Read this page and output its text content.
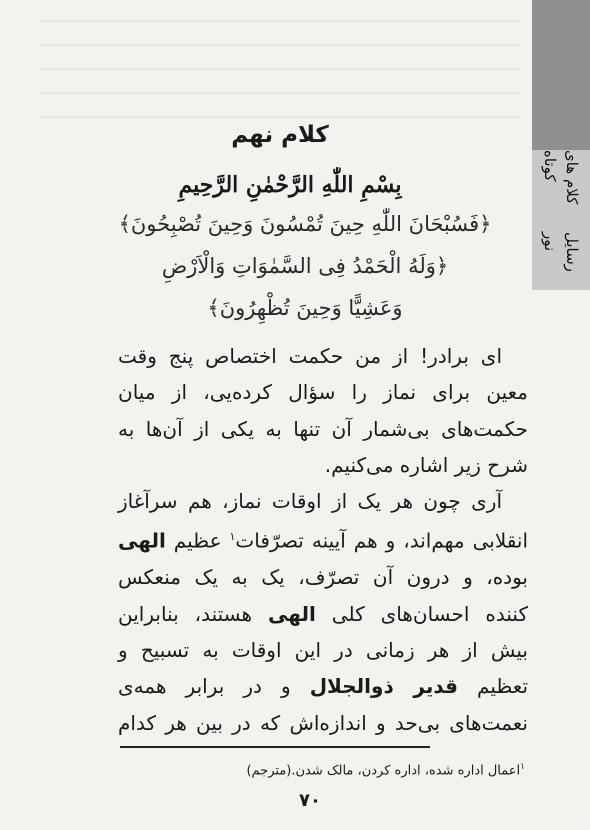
کلام های کوتاه
رسایل نور
کلام نهم
بِسْمِ اللّٰهِ الرَّحْمٰنِ الرَّحِيمِ
﴿فَسُبْحَانَ اللّٰهِ حِينَ تُمْسُونَ وَحِينَ تُصْبِحُونَ﴾
﴿وَلَهُ الْحَمْدُ فِى السَّمٰوَاتِ وَالْاَرْضِ
وَعَشِيًّا وَحِينَ تُظْهِرُونَ﴾

ای برادر! از من حکمت اختصاص پنج وقت
معین برای نماز را سؤال کرده‌یی، از میان
حکمت‌های بی‌شمار آن تنها به یکی از آن‌ها به
شرح زیر اشاره می‌کنیم.

آری چون هر یک از اوقات نماز، هم سرآغاز
انقلابی مهم‌اند، و هم آیینه تصرّفات$^۱$ عظیم الهی
بوده، و درون آن تصرّف، یک به یک منعکس
کننده احسان‌های کلی الهی هستند، بنابراین
بیش از هر زمانی در این اوقات به تسبیح و
تعظیم قدیر ذوالجلال و در برابر همه‌ی
نعمت‌های بی‌حد و اندازه‌اش که در بین هر کدام

$^۱$اعمال اداره شده، اداره کردن، مالک شدن.(مترجم)
۷۰
